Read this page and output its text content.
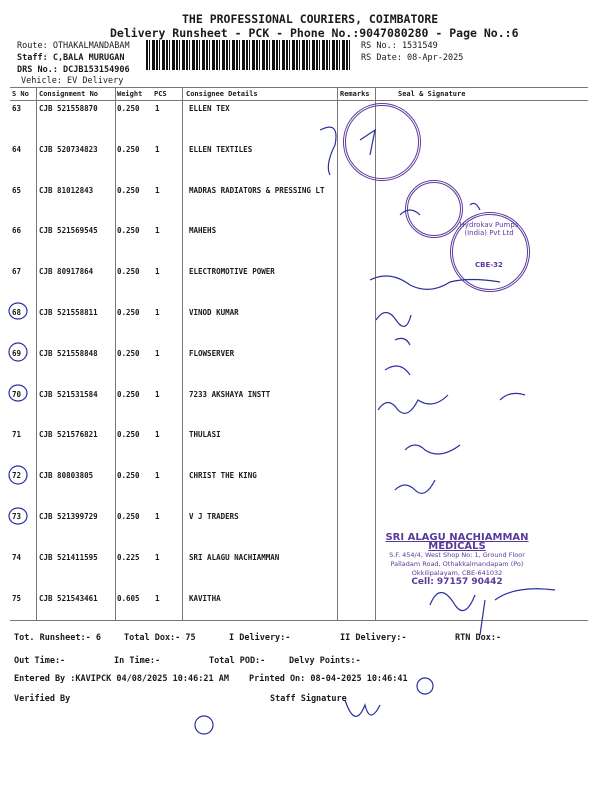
THE PROFESSIONAL COURIERS, COIMBATORE
Delivery Runsheet - PCK - Phone No.:9047080280 - Page No.:6
Route: OTHAKALMANDABAM
Staff: C,BALA MURUGAN
DRS No.: DCJB153154906
Vehicle: EV Delivery
RS No.: 1531549
RS Date: 08-Apr-2025
S No Consignment No	Weight PCS	Consignee Details	Remarks	Seal & Signature
63 CJB 521558870	0.250 1	ELLEN TEX
64 CJB 520734823	0.250 1	ELLEN TEXTILES
65 CJB 81012843	0.250 1	MADRAS RADIATORS & PRESSING LT
66 CJB 521569545	0.250 1	MAHEHS
67 CJB 80917864	0.250 1	ELECTROMOTIVE POWER
68 CJB 521558811	0.250 1	VINOD KUMAR
69 CJB 521558848	0.250 1	FLOWSERVER
70 CJB 521531584	0.250 1	7233 AKSHAYA INSTT
71 CJB 521576821	0.250 1	THULASI
72 CJB 80803805	0.250 1	CHRIST THE KING
73 CJB 521399729	0.250 1	V J TRADERS
74 CJB 521411595	0.225 1	SRI ALAGU NACHIAMMAN
75 CJB 521543461	0.605 1	KAVITHA
Hydrokav Pumps (India) Pvt Ltd
CBE-32
SRI ALAGU NACHIAMMAN MEDICALS
S.F. 454/4, West Shop No: 1, Ground Floor
Palladam Road, Othakkalmandapam (Po)
Okkilipalayam, CBE-641032
Cell: 97157 90442
Tot. Runsheet:- 6	Total Dox:- 75	I Delivery:-	II Delivery:-	RTN Dox:-
Out Time:-	In Time:-	Total POD:-	Delvy Points:-
Entered By :KAVIPCK 04/08/2025 10:46:21 AM Printed On: 08-04-2025 10:46:41
Verified By	Staff Signature
